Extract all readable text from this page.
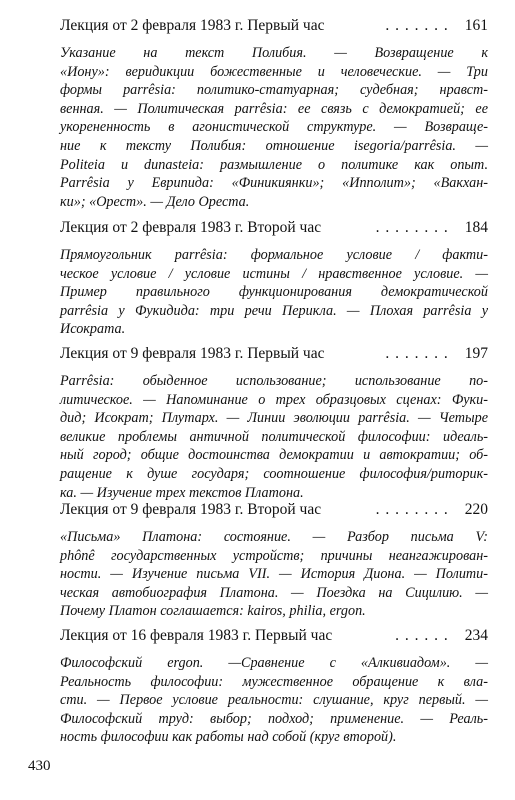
Лекция от 2 февраля 1983 г. Первый час	. . . . . . .	161
Указание на текст Полибия. — Возвращение к
«Иону»: веридикции божественные и человеческие. — Три
формы parrêsia: политико-статуарная; судебная; нравст-
венная. — Политическая parrêsia: ее связь с демократией; ее
укорененность в агонистической структуре. — Возвраще-
ние к тексту Полибия: отношение isegoria/parrêsia. —
Politeia и dunasteia: размышление о политике как опыт.
Parrêsia у Еврипида: «Финикиянки»; «Ипполит»; «Вакхан-
ки»; «Орест». — Дело Ореста.
Лекция от 2 февраля 1983 г. Второй час	. . . . . . . .	184
Прямоугольник parrêsia: формальное условие / факти-
ческое условие / условие истины / нравственное условие. —
Пример правильного функционирования демократической
parrêsia у Фукидида: три речи Перикла. — Плохая parrêsia у
Исократа.
Лекция от 9 февраля 1983 г. Первый час	. . . . . . .	197
Parrêsia: обыденное использование; использование по-
литическое. — Напоминание о трех образцовых сценах: Фуки-
дид; Исократ; Плутарх. — Линии эволюции parrêsia. — Четыре
великие проблемы античной политической философии: идеаль-
ный город; общие достоинства демократии и автократии; об-
ращение к душе государя; соотношение философия/риторик-
ка. — Изучение трех текстов Платона.
Лекция от 9 февраля 1983 г. Второй час	. . . . . . . .	220
«Письма» Платона: состояние. — Разбор письма V:
phônê государственных устройств; причины неангажирован-
ности. — Изучение письма VII. — История Диона. — Полити-
ческая автобиография Платона. — Поездка на Сицилию. —
Почему Платон соглашается: kairos, philia, ergon.
Лекция от 16 февраля 1983 г. Первый час	. . . . . .	234
Философский ergon. —Сравнение с «Алкивиадом». —
Реальность философии: мужественное обращение к вла-
сти. — Первое условие реальности: слушание, круг первый. —
Философский труд: выбор; подход; применение. — Реаль-
ность философии как работы над собой (круг второй).
430
